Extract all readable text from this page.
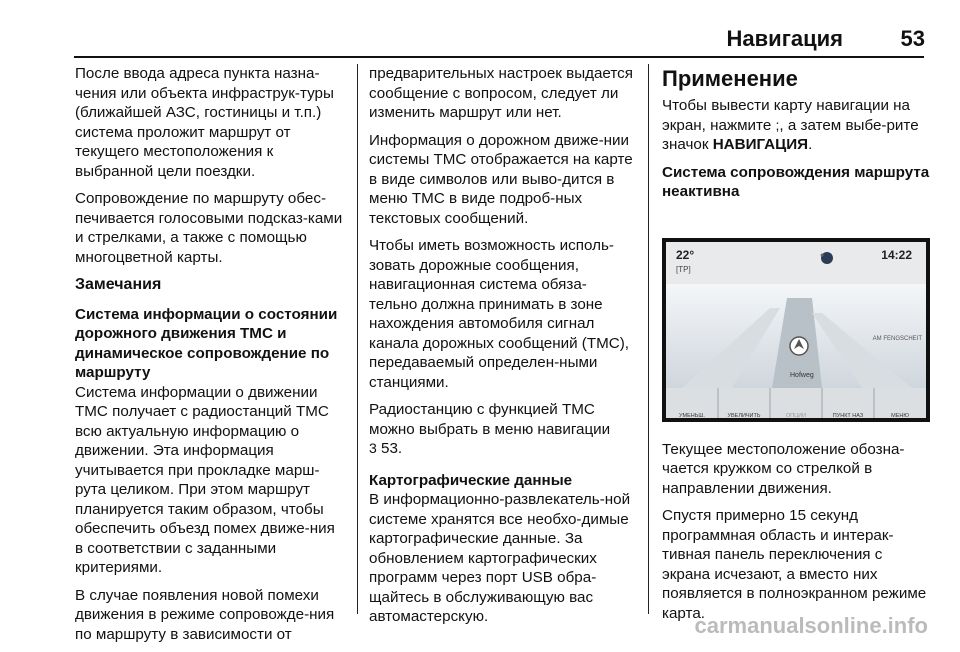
Навигация	53

После ввода адреса пункта назна-чения или объекта инфраструк-туры (ближайшей АЗС, гостиницы и т.п.) система проложит маршрут от текущего местоположения к выбранной цели поездки.

Сопровождение по маршруту обес-печивается голосовыми подсказ-ками и стрелками, а также с помощью многоцветной карты.

Замечания
Система информации о состоянии дорожного движения TMC и динамическое сопровождение по маршруту

Система информации о движении TMC получает с радиостанций TMC всю актуальную информацию о движении. Эта информация учитывается при прокладке марш-рута целиком. При этом маршрут планируется таким образом, чтобы обеспечить объезд помех движе-ния в соответствии с заданными критериями.

В случае появления новой помехи движения в режиме сопровожде-ния по маршруту в зависимости от

предварительных настроек выдается сообщение с вопросом, следует ли изменить маршрут или нет.

Информация о дорожном движе-нии системы TMC отображается на карте в виде символов или выво-дится в меню TMC в виде подроб-ных текстовых сообщений.

Чтобы иметь возможность исполь-зовать дорожные сообщения, навигационная система обяза-тельно должна принимать в зоне нахождения автомобиля сигнал канала дорожных сообщений (TMC), передаваемый определен-ными станциями.

Радиостанцию с функцией TMC можно выбрать в меню навигации
3 53.

Картографические данные

В информационно-развлекатель-ной системе хранятся все необхо-димые картографические данные. За обновлением картографических программ через порт USB обра-щайтесь в обслуживающую вас автомастерскую.

Применение

Чтобы вывести карту навигации на экран, нажмите ;, а затем выбе-рите значок НАВИГАЦИЯ.

Система сопровождения маршрута неактивна
●
22°
[TP]
14:22
AM FENGSCHEIT
Hofweg
УМЕНЬШ.	УВЕЛИЧИТЬ	ОПЦИИ	ПУНКТ НАЗ	МЕНЮ

Текущее местоположение обозна-чается кружком со стрелкой в направлении движения.

Спустя примерно 15 секунд программная область и интерак-тивная панель переключения с экрана исчезают, а вместо них появляется в полноэкранном режиме карта.

carmanualsonline.info
